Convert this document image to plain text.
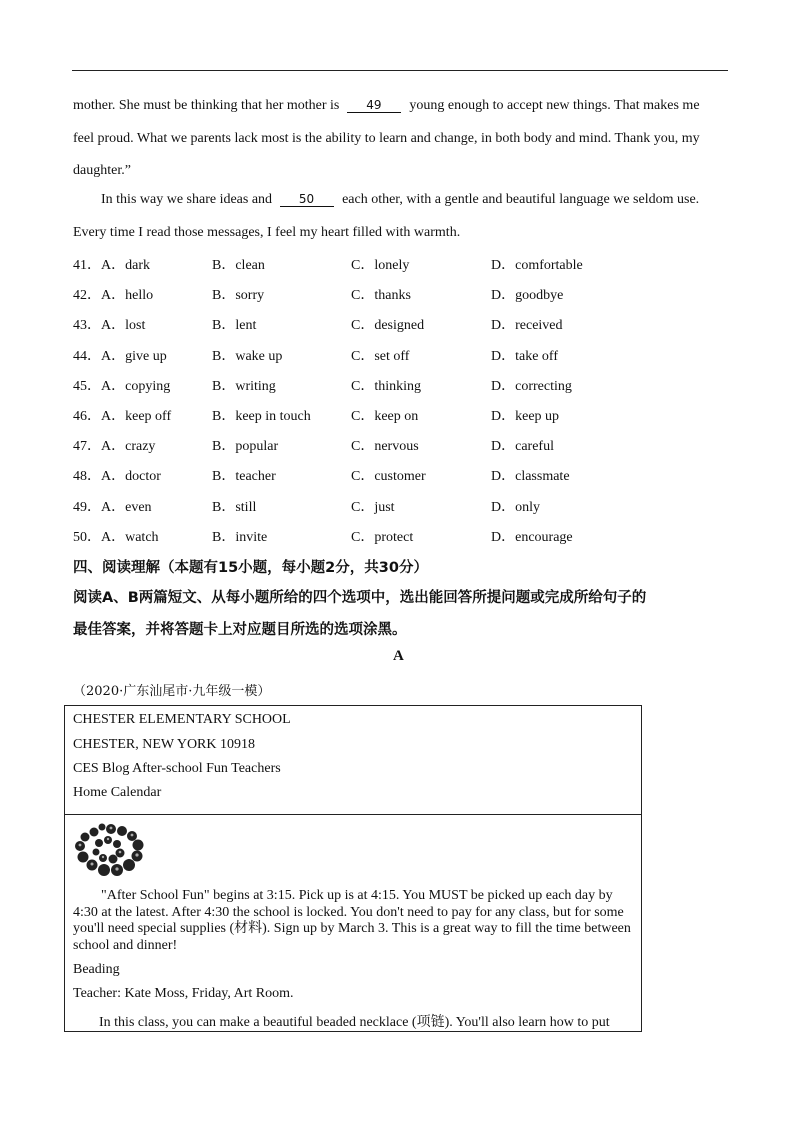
mother. She must be thinking that her mother is 49 young enough to accept new things. That makes me
feel proud. What we parents lack most is the ability to learn and change, in both body and mind. Thank you, my
daughter.”
In this way we share ideas and 50 each other, with a gentle and beautiful language we seldom use.
Every time I read those messages, I feel my heart filled with warmth.
41．A．dark	B．clean	C．lonely	D．comfortable
42．A．hello	B．sorry	C．thanks	D．goodbye
43．A．lost	B．lent	C．designed	D．received
44．A．give up	B．wake up	C．set off	D．take off
45．A．copying	B．writing	C．thinking	D．correcting
46．A．keep off	B．keep in touch	C．keep on	D．keep up
47．A．crazy	B．popular	C．nervous	D．careful
48．A．doctor	B．teacher	C．customer	D．classmate
49．A．even	B．still	C．just	D．only
50．A．watch	B．invite	C．protect	D．encourage
四、阅读理解（本题有15小题，每小题2分，共30分）
阅读A、B两篇短文、从每小题所给的四个选项中，选出能回答所提问题或完成所给句子的
最佳答案，并将答题卡上对应题目所选的选项涂黑。
A
（2020·广东汕尾市·九年级一模）
CHESTER ELEMENTARY SCHOOL
CHESTER, NEW YORK 10918
CES Blog After-school Fun Teachers
Home Calendar
"After School Fun" begins at 3:15. Pick up is at 4:15. You MUST be picked up each day by 4:30 at the latest. After 4:30 the school is locked. You don't need to pay for any class, but for some you'll need special supplies (材料). Sign up by March 3. This is a great way to fill the time between school and dinner!
Beading
Teacher: Kate Moss, Friday, Art Room.
In this class, you can make a beautiful beaded necklace (项链). You'll also learn how to put
